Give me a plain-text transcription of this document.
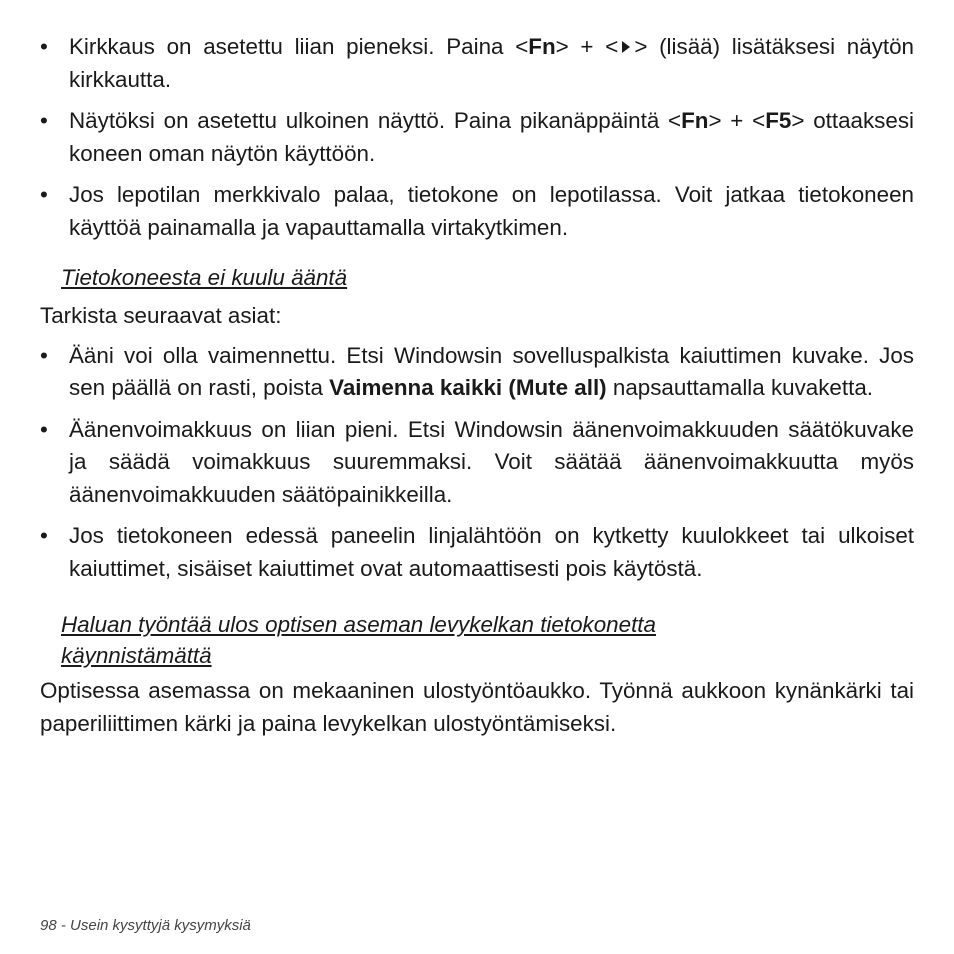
• Kirkkaus on asetettu liian pieneksi. Paina <Fn> + < > (lisää) lisätäksesi näytön kirkkautta.
• Näytöksi on asetettu ulkoinen näyttö. Paina pikanäppäintä <Fn> + <F5> ottaaksesi koneen oman näytön käyttöön.
• Jos lepotilan merkkivalo palaa, tietokone on lepotilassa. Voit jatkaa tietokoneen käyttöä painamalla ja vapauttamalla virtakytkimen.
Tietokoneesta ei kuulu ääntä
Tarkista seuraavat asiat:
• Ääni voi olla vaimennettu. Etsi Windowsin sovelluspalkista kaiuttimen kuvake. Jos sen päällä on rasti, poista Vaimenna kaikki (Mute all) napsauttamalla kuvaketta.
• Äänenvoimakkuus on liian pieni. Etsi Windowsin äänenvoimakkuuden säätökuvake ja säädä voimakkuus suuremmaksi. Voit säätää äänenvoimakkuutta myös äänenvoimakkuuden säätöpainikkeilla.
• Jos tietokoneen edessä paneelin linjalähtöön on kytketty kuulokkeet tai ulkoiset kaiuttimet, sisäiset kaiuttimet ovat automaattisesti pois käytöstä.
Haluan työntää ulos optisen aseman levykelkan tietokonetta
käynnistämättä
Optisessa asemassa on mekaaninen ulostyöntöaukko. Työnnä aukkoon kynänkärki tai paperiliittimen kärki ja paina levykelkan ulostyöntämiseksi.
98 - Usein kysyttyjä kysymyksiä
